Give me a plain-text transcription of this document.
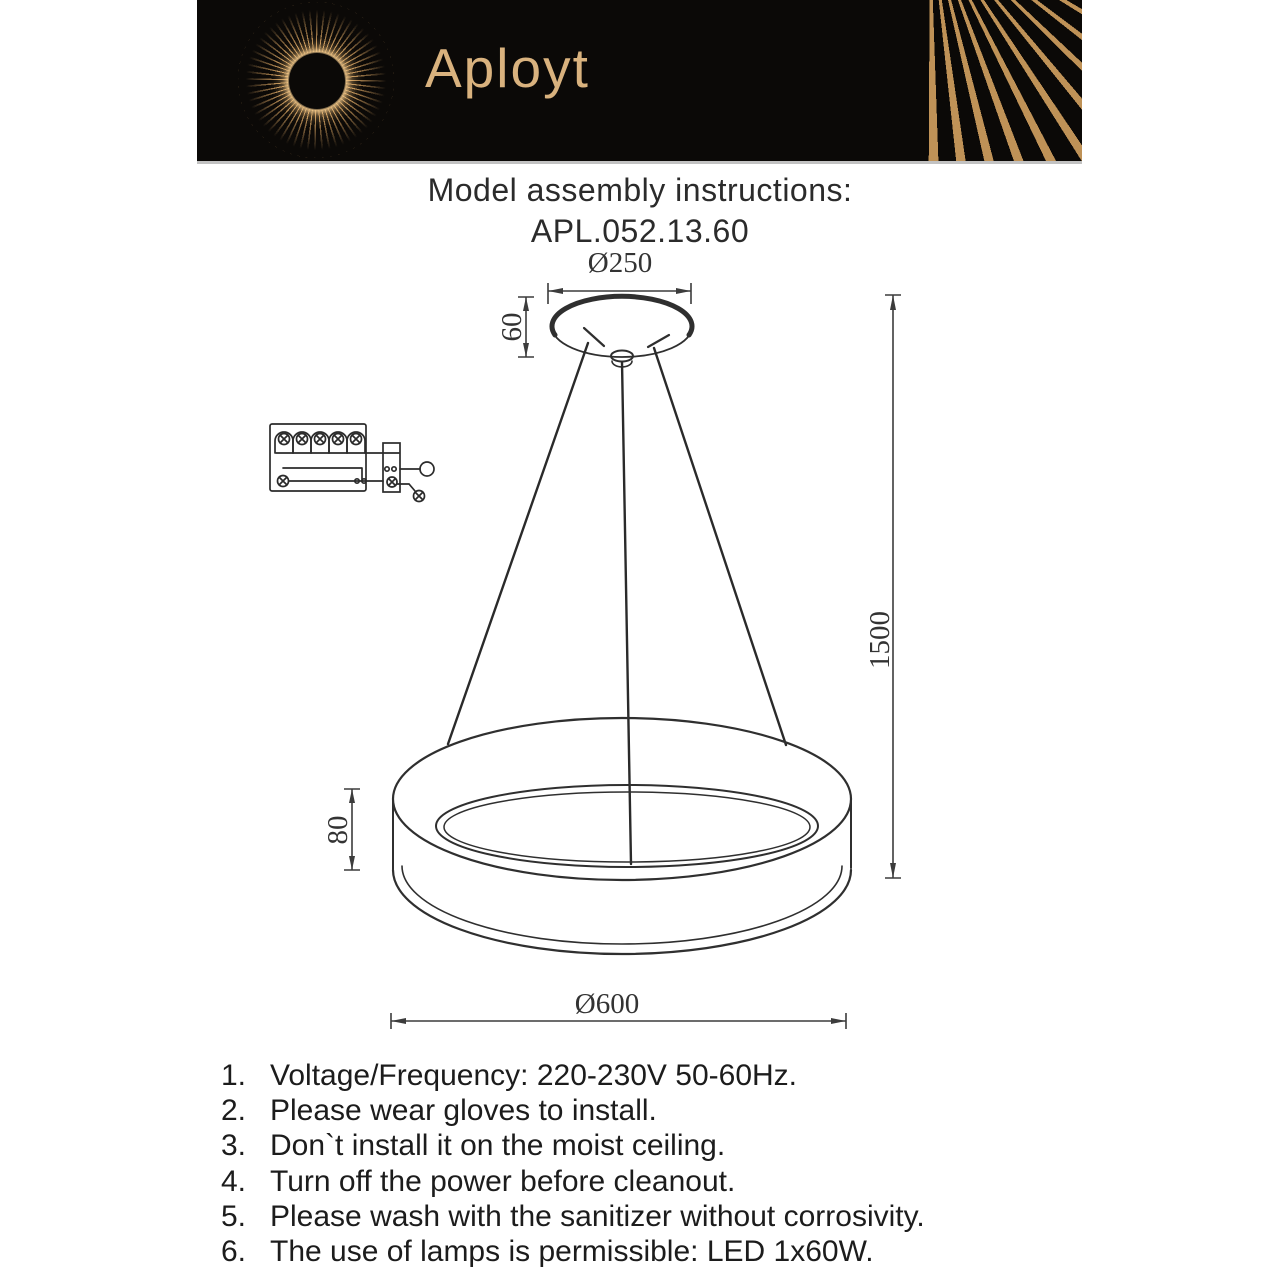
Aployt
Model assembly instructions:
APL.052.13.60
Ø250
60
1500
80
Ø600
1. Voltage/Frequency: 220-230V 50-60Hz.
2. Please wear gloves to install.
3. Don`t install it on the moist ceiling.
4. Turn off the power before cleanout.
5. Please wash with the sanitizer without corrosivity.
6. The use of lamps is permissible: LED 1x60W.
